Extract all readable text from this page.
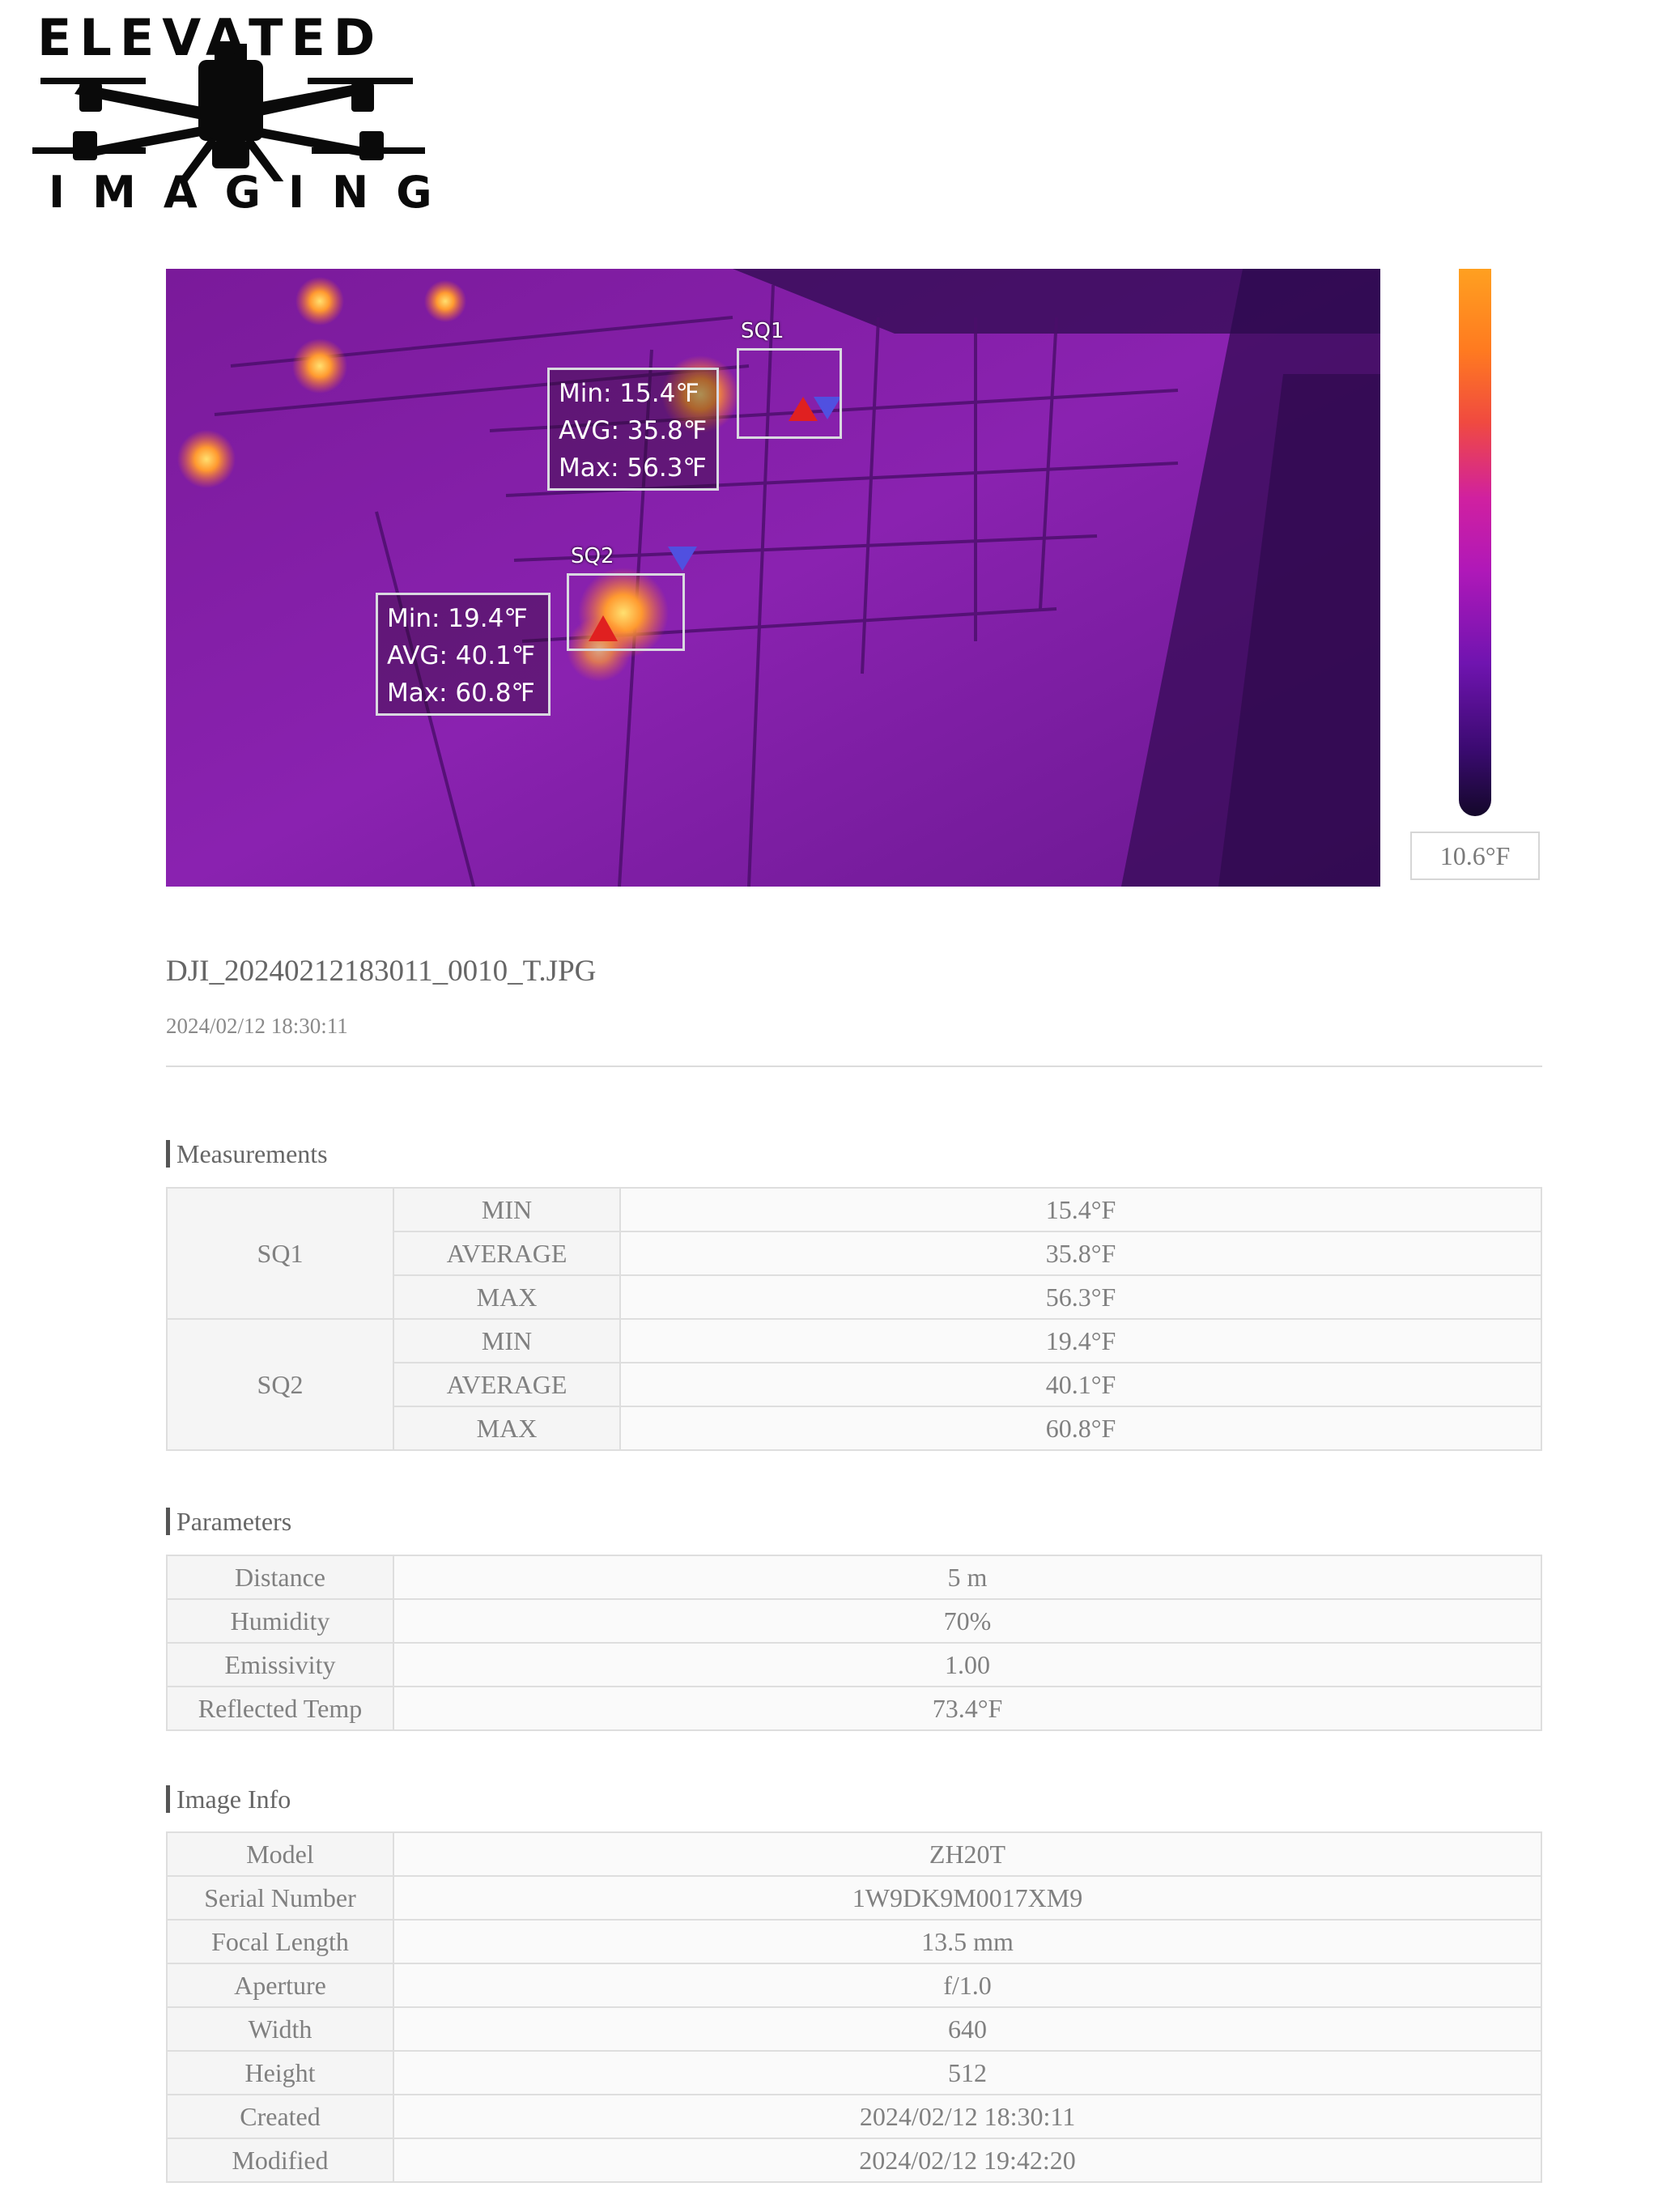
ELEVATED
IMAGING
SQ1
SQ2
Min: 15.4℉
AVG: 35.8℉
Max: 56.3℉
Min: 19.4℉
AVG: 40.1℉
Max: 60.8℉
10.6°F
DJI_20240212183011_0010_T.JPG
2024/02/12 18:30:11
Measurements
SQ1	MIN	15.4°F
	AVERAGE	35.8°F
	MAX	56.3°F
SQ2	MIN	19.4°F
	AVERAGE	40.1°F
	MAX	60.8°F
Parameters
Distance	5 m
Humidity	70%
Emissivity	1.00
Reflected Temp	73.4°F
Image Info
Model	ZH20T
Serial Number	1W9DK9M0017XM9
Focal Length	13.5 mm
Aperture	f/1.0
Width	640
Height	512
Created	2024/02/12 18:30:11
Modified	2024/02/12 19:42:20
